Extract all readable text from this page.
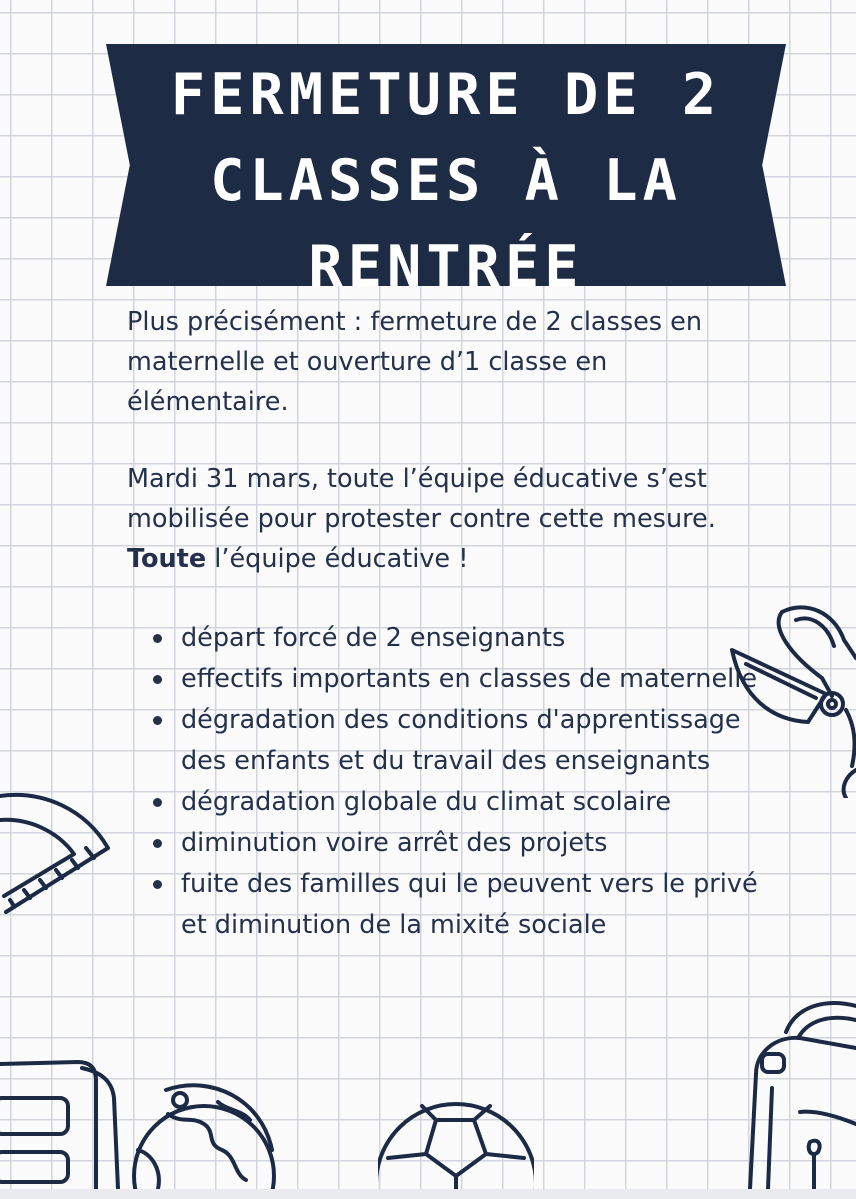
FERMETURE DE 2 CLASSES À LA RENTRÉE

Plus précisément : fermeture de 2 classes en maternelle et ouverture d’1 classe en élémentaire.

Mardi 31 mars, toute l’équipe éducative s’est mobilisée pour protester contre cette mesure. Toute l’équipe éducative !

départ forcé de 2 enseignants
effectifs importants en classes de maternelle
dégradation des conditions d'apprentissage des enfants et du travail des enseignants
dégradation globale du climat scolaire
diminution voire arrêt des projets
fuite des familles qui le peuvent vers le privé et diminution de la mixité sociale
